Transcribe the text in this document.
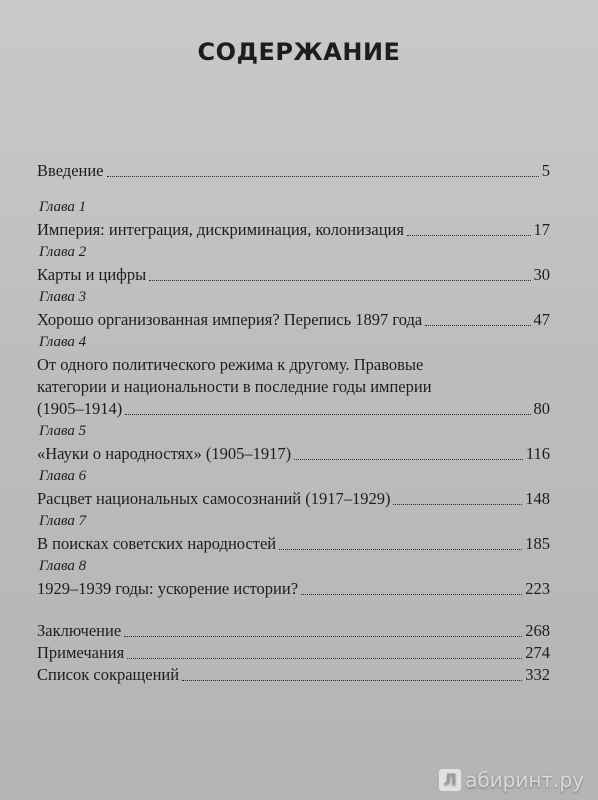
СОДЕРЖАНИЕ
Введение	5
Глава 1
Империя: интеграция, дискриминация, колонизация	17
Глава 2
Карты и цифры	30
Глава 3
Хорошо организованная империя? Перепись 1897 года	47
Глава 4
От одного политического режима к другому. Правовые
категории и национальности в последние годы империи
(1905–1914)	80
Глава 5
«Науки о народностях» (1905–1917)	116
Глава 6
Расцвет национальных самосознаний (1917–1929)	148
Глава 7
В поисках советских народностей	185
Глава 8
1929–1939 годы: ускорение истории?	223
Заключение	268
Примечания	274
Список сокращений	332
Л абиринт.ру
